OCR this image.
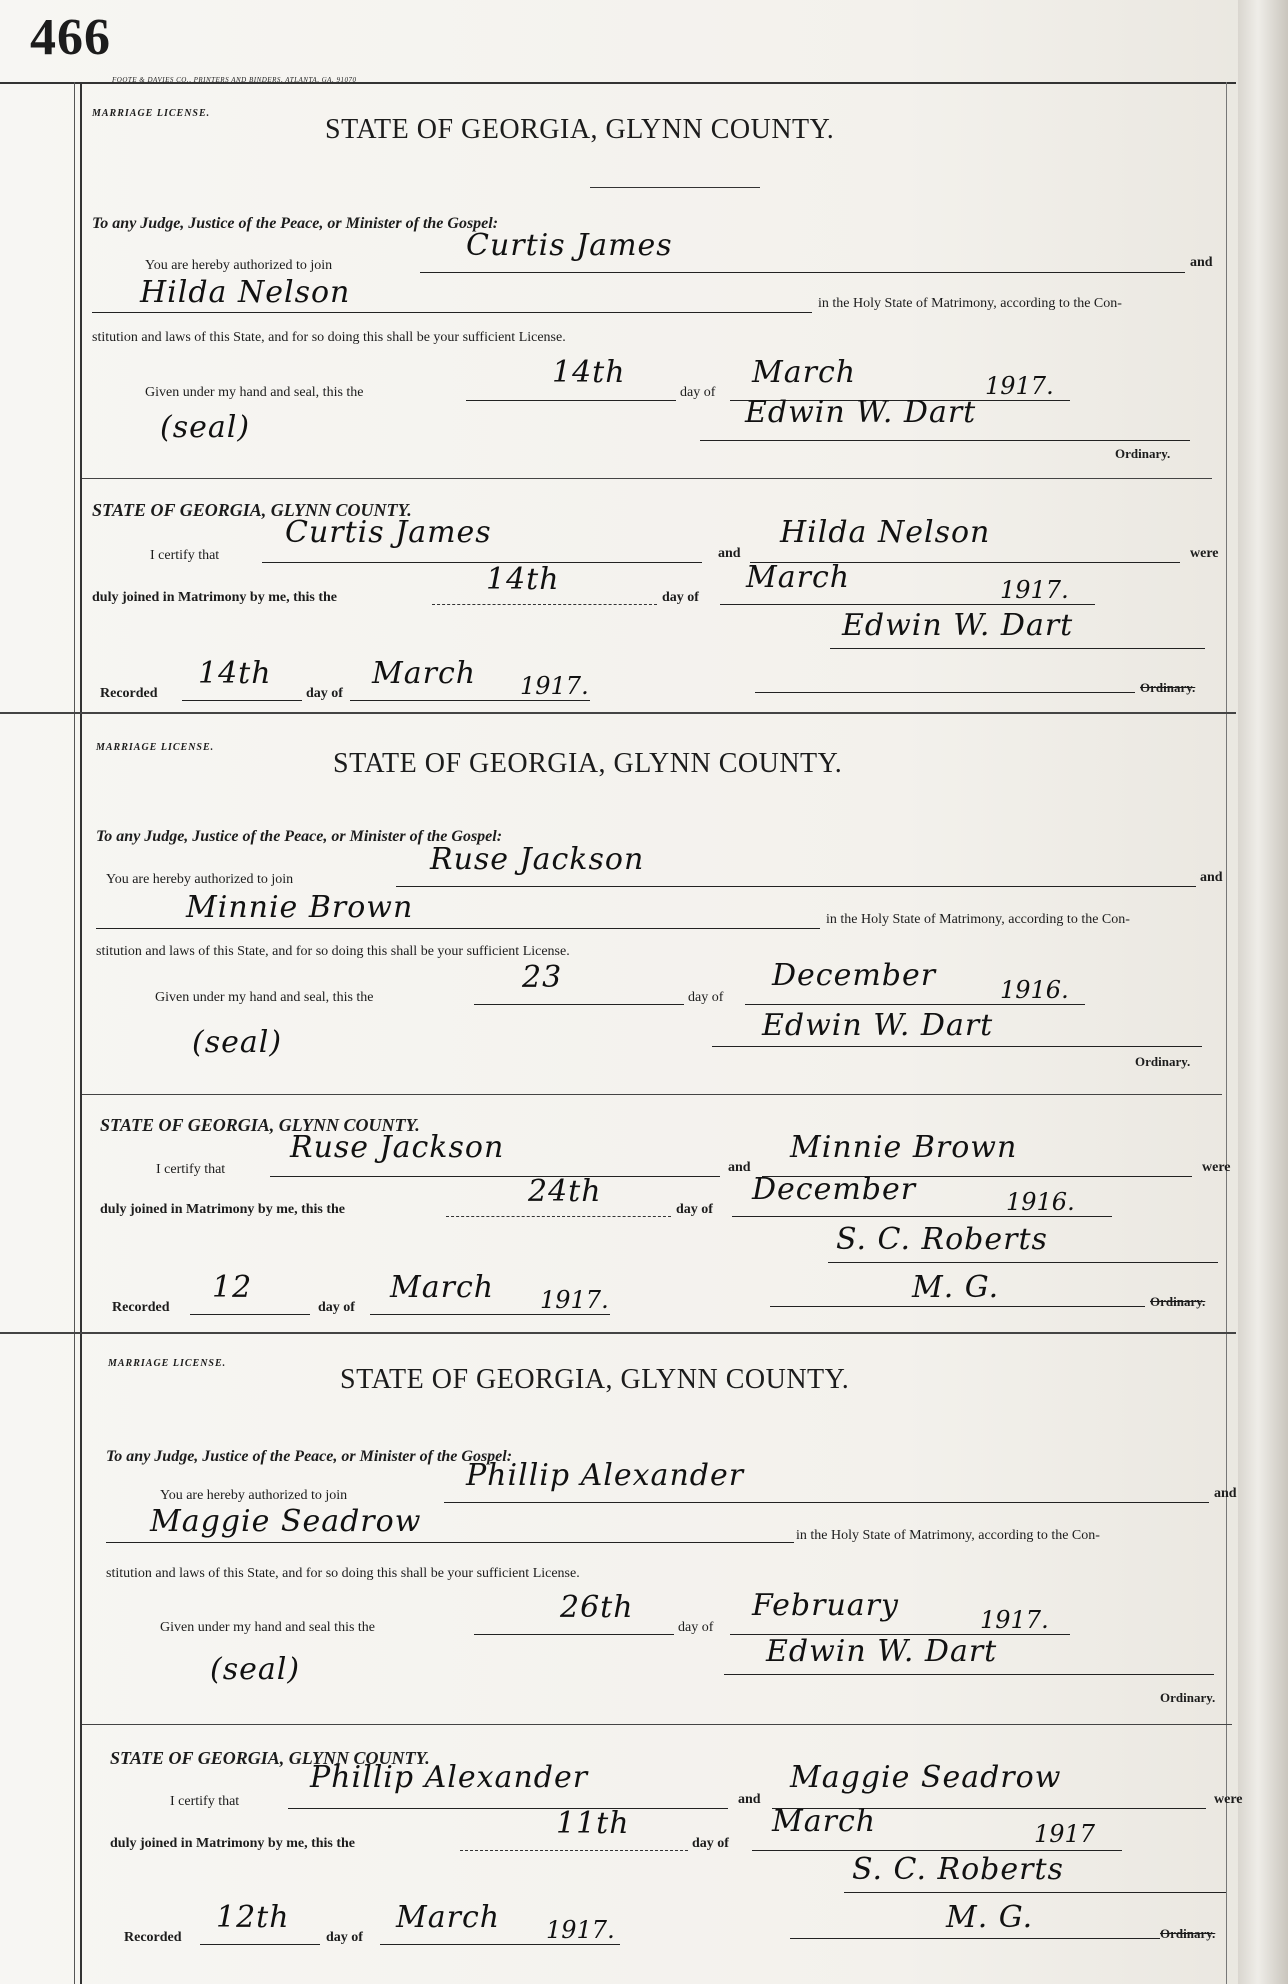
466
FOOTE & DAVIES CO., PRINTERS AND BINDERS, ATLANTA, GA. 91070
MARRIAGE LICENSE.
STATE OF GEORGIA, GLYNN COUNTY.
To any Judge, Justice of the Peace, or Minister of the Gospel:
You are hereby authorized to join
Curtis James	and
Hilda Nelson	in the Holy State of Matrimony, according to the Con-
stitution and laws of this State, and for so doing this shall be your sufficient License.
Given under my hand and seal, this the
14th
day of
March	1917.
(seal)	Edwin W. Dart
Ordinary.
STATE OF GEORGIA, GLYNN COUNTY.
I certify that
Curtis James
and
Hilda Nelson
were
duly joined in Matrimony by me, this the
14th
day of
March	1917.
Edwin W. Dart
Recorded
14th
day of
March 1917.	Ordinary.
MARRIAGE LICENSE.
STATE OF GEORGIA, GLYNN COUNTY.
To any Judge, Justice of the Peace, or Minister of the Gospel:
You are hereby authorized to join
Ruse Jackson
and
Minnie Brown	in the Holy State of Matrimony, according to the Con-
stitution and laws of this State, and for so doing this shall be your sufficient License.
Given under my hand and seal, this the
23
day of
December	1916.
(seal)	Edwin W. Dart
Ordinary.
STATE OF GEORGIA, GLYNN COUNTY.
I certify that
Ruse Jackson
and
Minnie Brown
were
duly joined in Matrimony by me, this the
24th
day of
December	1916.
S. C. Roberts
Recorded
12
day of
March 1917.	M. G.	Ordinary.
MARRIAGE LICENSE.
STATE OF GEORGIA, GLYNN COUNTY.
To any Judge, Justice of the Peace, or Minister of the Gospel:
You are hereby authorized to join
Phillip Alexander
and
Maggie Seadrow	in the Holy State of Matrimony, according to the Con-
stitution and laws of this State, and for so doing this shall be your sufficient License.
Given under my hand and seal this the
26th
day of
February	1917.
(seal)
Edwin W. Dart
Ordinary.
STATE OF GEORGIA, GLYNN COUNTY.
I certify that
Phillip Alexander
and
Maggie Seadrow
were
duly joined in Matrimony by me, this the
11th
day of
March	1917
S. C. Roberts
Recorded
12th
day of
March 1917.	M. G.	Ordinary.
